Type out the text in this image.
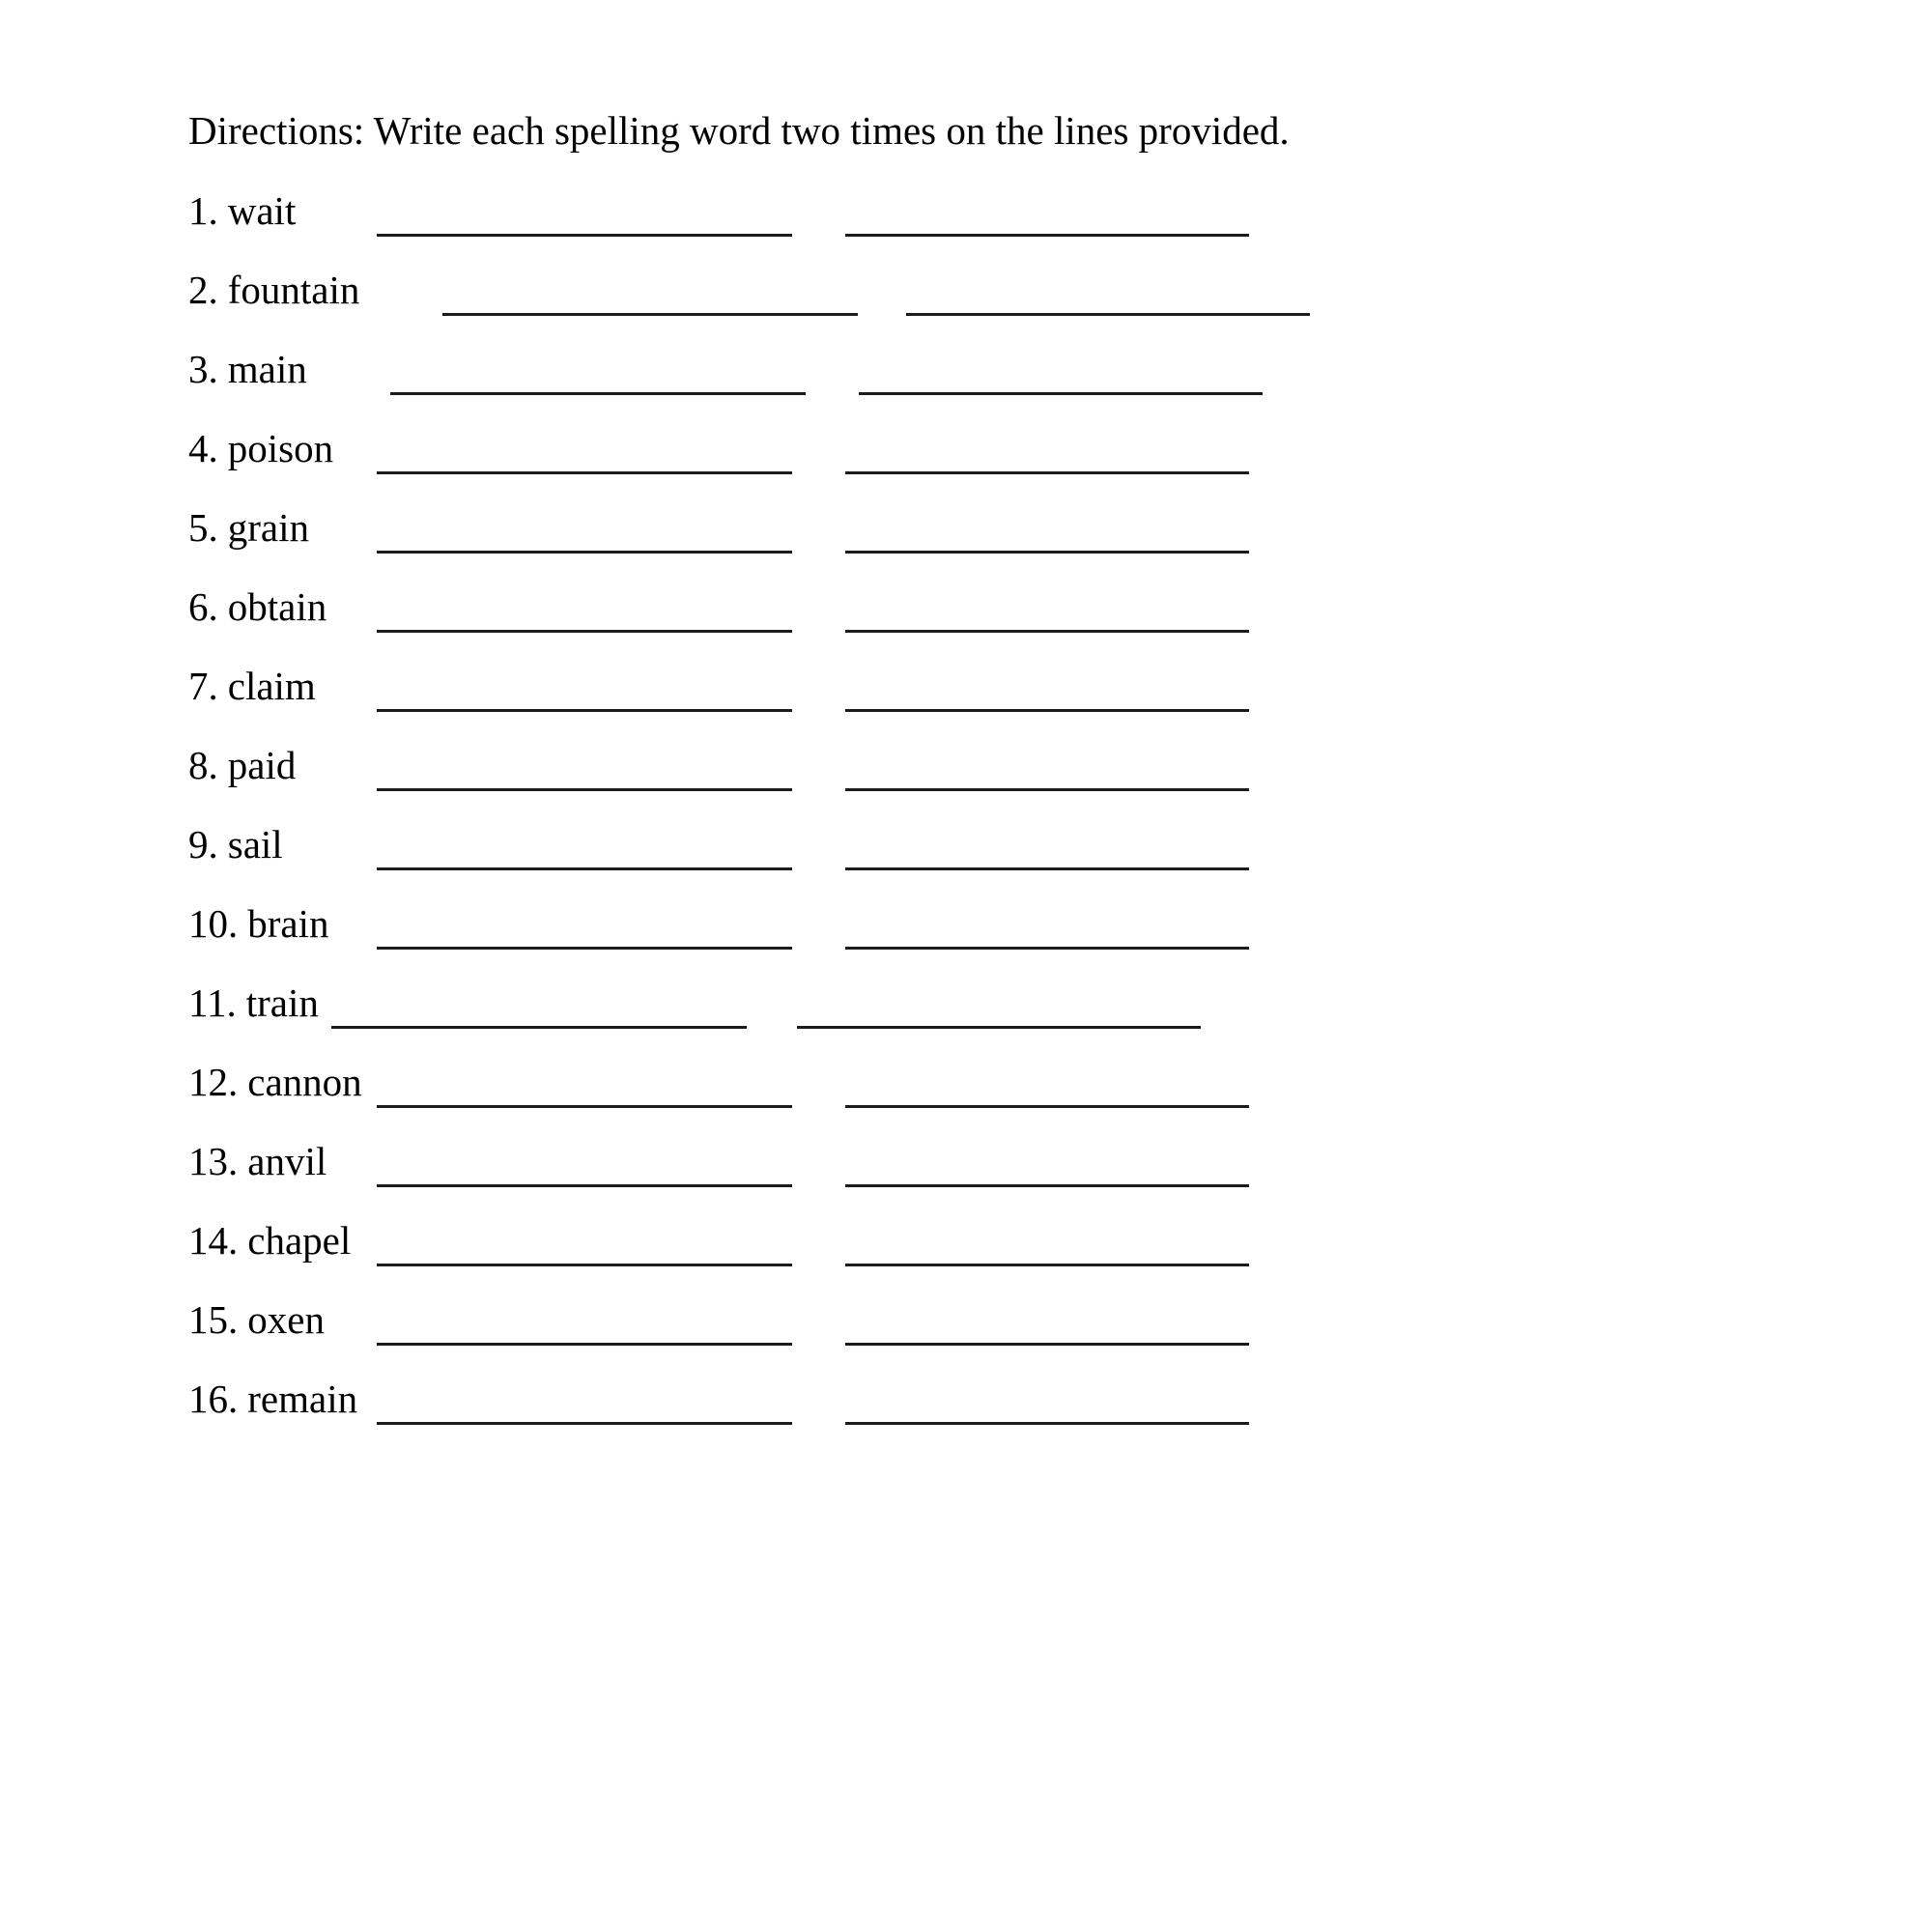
Directions: Write each spelling word two times on the lines provided.

1. wait
2. fountain
3. main
4. poison
5. grain
6. obtain
7. claim
8. paid
9. sail
10. brain
11. train
12. cannon
13. anvil
14. chapel
15. oxen
16. remain
